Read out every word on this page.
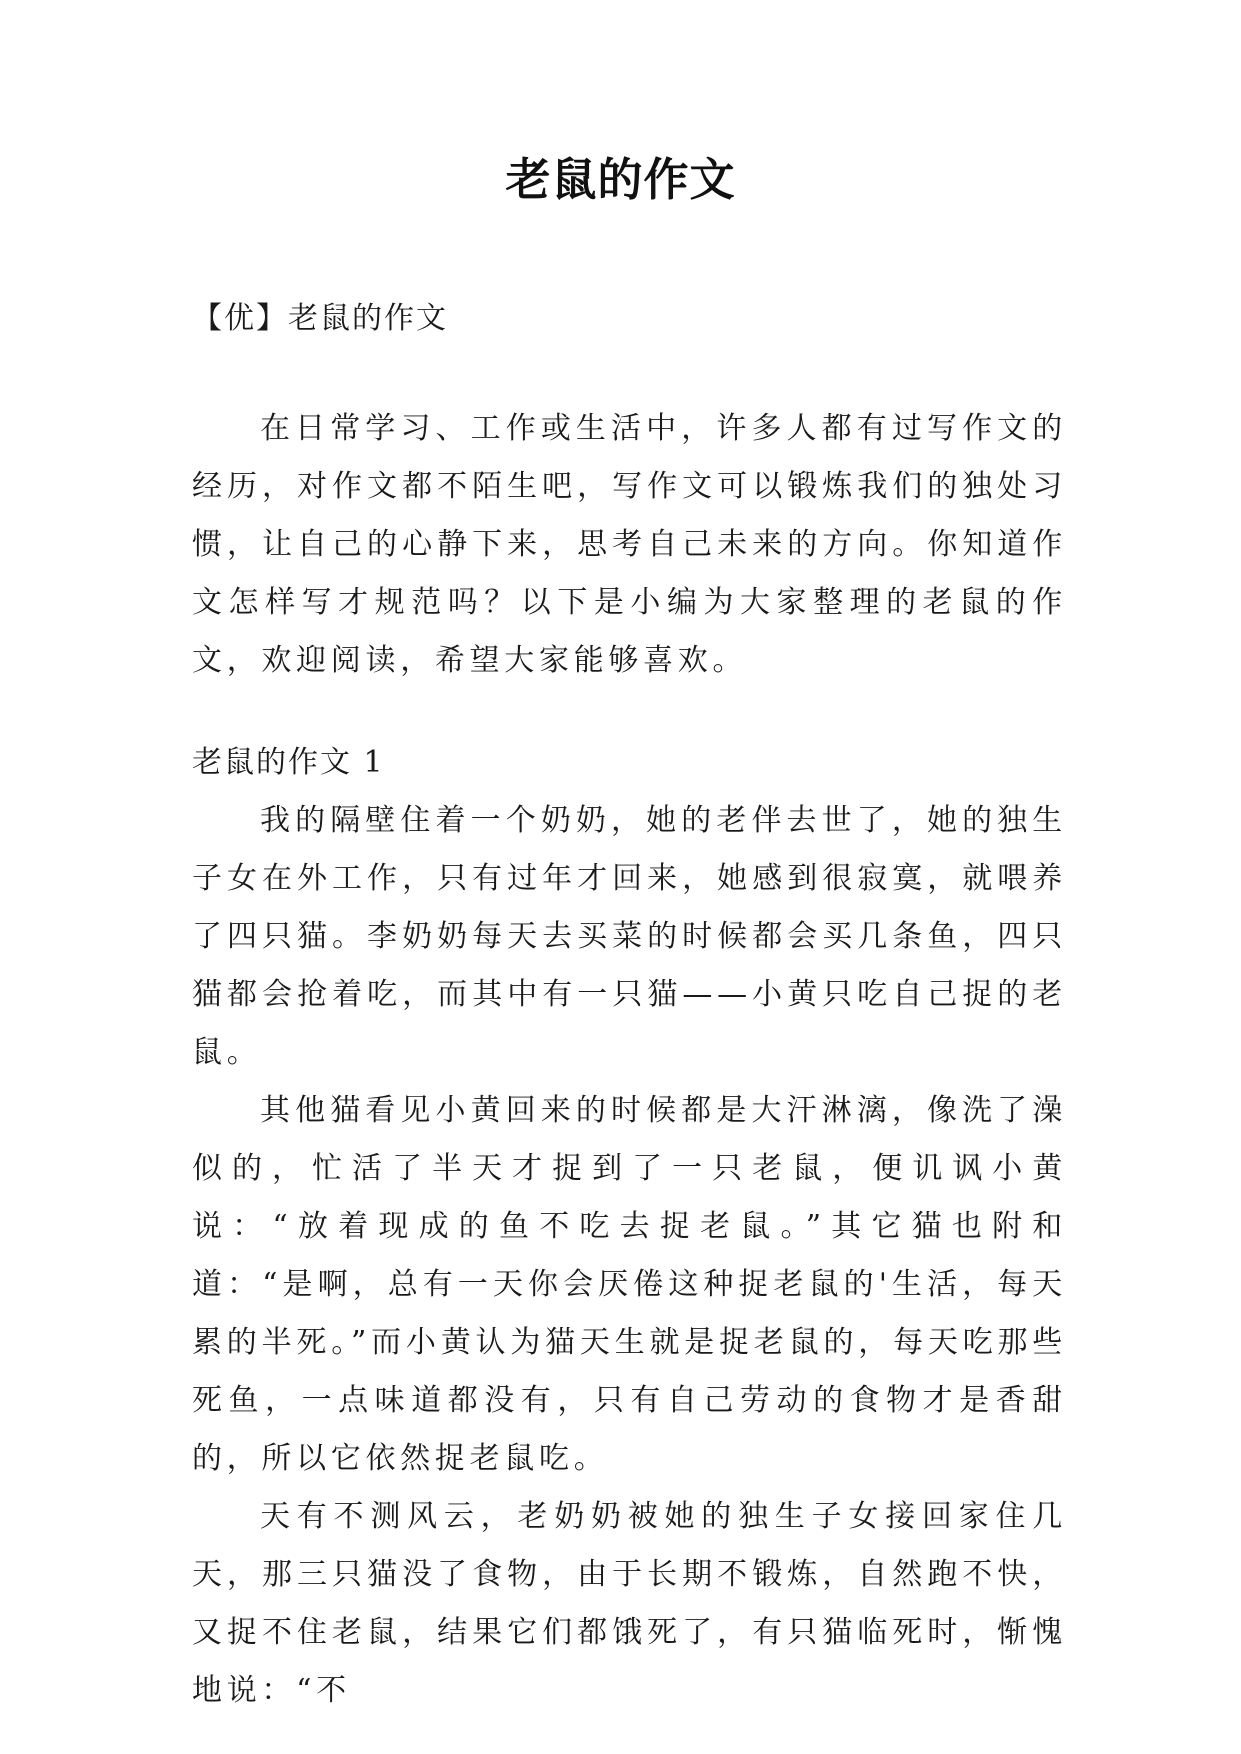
老鼠的作文

【优】老鼠的作文

在日常学习、工作或生活中，许多人都有过写作文的经历，对作文都不陌生吧，写作文可以锻炼我们的独处习惯，让自己的心静下来，思考自己未来的方向。你知道作文怎样写才规范吗？以下是小编为大家整理的老鼠的作文，欢迎阅读，希望大家能够喜欢。

老鼠的作文 1

我的隔壁住着一个奶奶，她的老伴去世了，她的独生子女在外工作，只有过年才回来，她感到很寂寞，就喂养了四只猫。李奶奶每天去买菜的时候都会买几条鱼，四只猫都会抢着吃，而其中有一只猫——小黄只吃自己捉的老鼠。

其他猫看见小黄回来的时候都是大汗淋漓，像洗了澡似的，忙活了半天才捉到了一只老鼠，便讥讽小黄说：“放着现成的鱼不吃去捉老鼠。”其它猫也附和道：“是啊，总有一天你会厌倦这种捉老鼠的'生活，每天累的半死。”而小黄认为猫天生就是捉老鼠的，每天吃那些死鱼，一点味道都没有，只有自己劳动的食物才是香甜的，所以它依然捉老鼠吃。

天有不测风云，老奶奶被她的独生子女接回家住几天，那三只猫没了食物，由于长期不锻炼，自然跑不快，又捉不住老鼠，结果它们都饿死了，有只猫临死时，惭愧地说：“不
